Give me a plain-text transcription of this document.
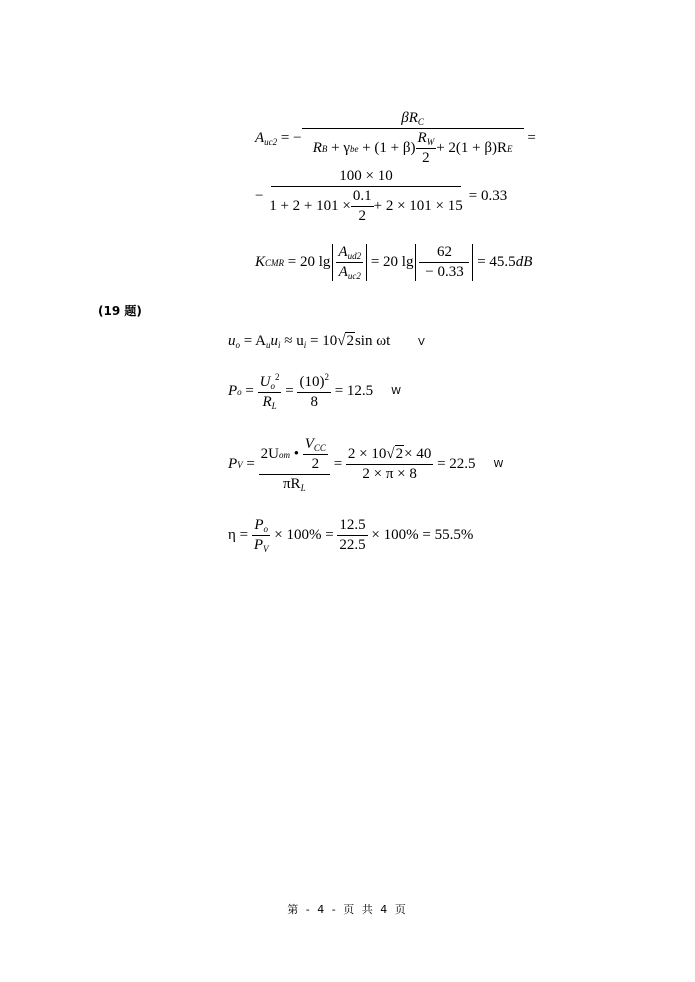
$A_{uc2}$ = − $\beta R_C$
R B
+ γ be
+ $(1 + \beta) \frac{R_W}{2} + 2(1 + \beta)R$ E =
− $\frac{100 \times 10}{1 + 2 + 101 \times \frac{0.1}{2} + 2 \times 101 \times 15} = 0.33$
K CMR
= 20 $\lg \frac{A_{ud2}}{A_{uc2}}$
= 20 $\lg \frac{62}{- 0.33}$
= 45.5 dB
(19 题)
$u_o = A_uu_i \approx u_i = 10√2\sin$ ωt	V
P $o = \frac{U_o^2}{R_L} = \frac{(10)^2}{8}$
= 12.5 W
P V = 2U om
•
$\frac{V_{CC}}{2}$
$\pi R_L = \frac{2 \times 10√2\times 40}{2 \times \pi \times 8}$
= 22.5 W
η =
$\frac{P_o}{P_V}$
× 100% =
$\frac{12.5}{22.5}$
× 100% = 55.5%
第 - 4 - 页 共 4 页
